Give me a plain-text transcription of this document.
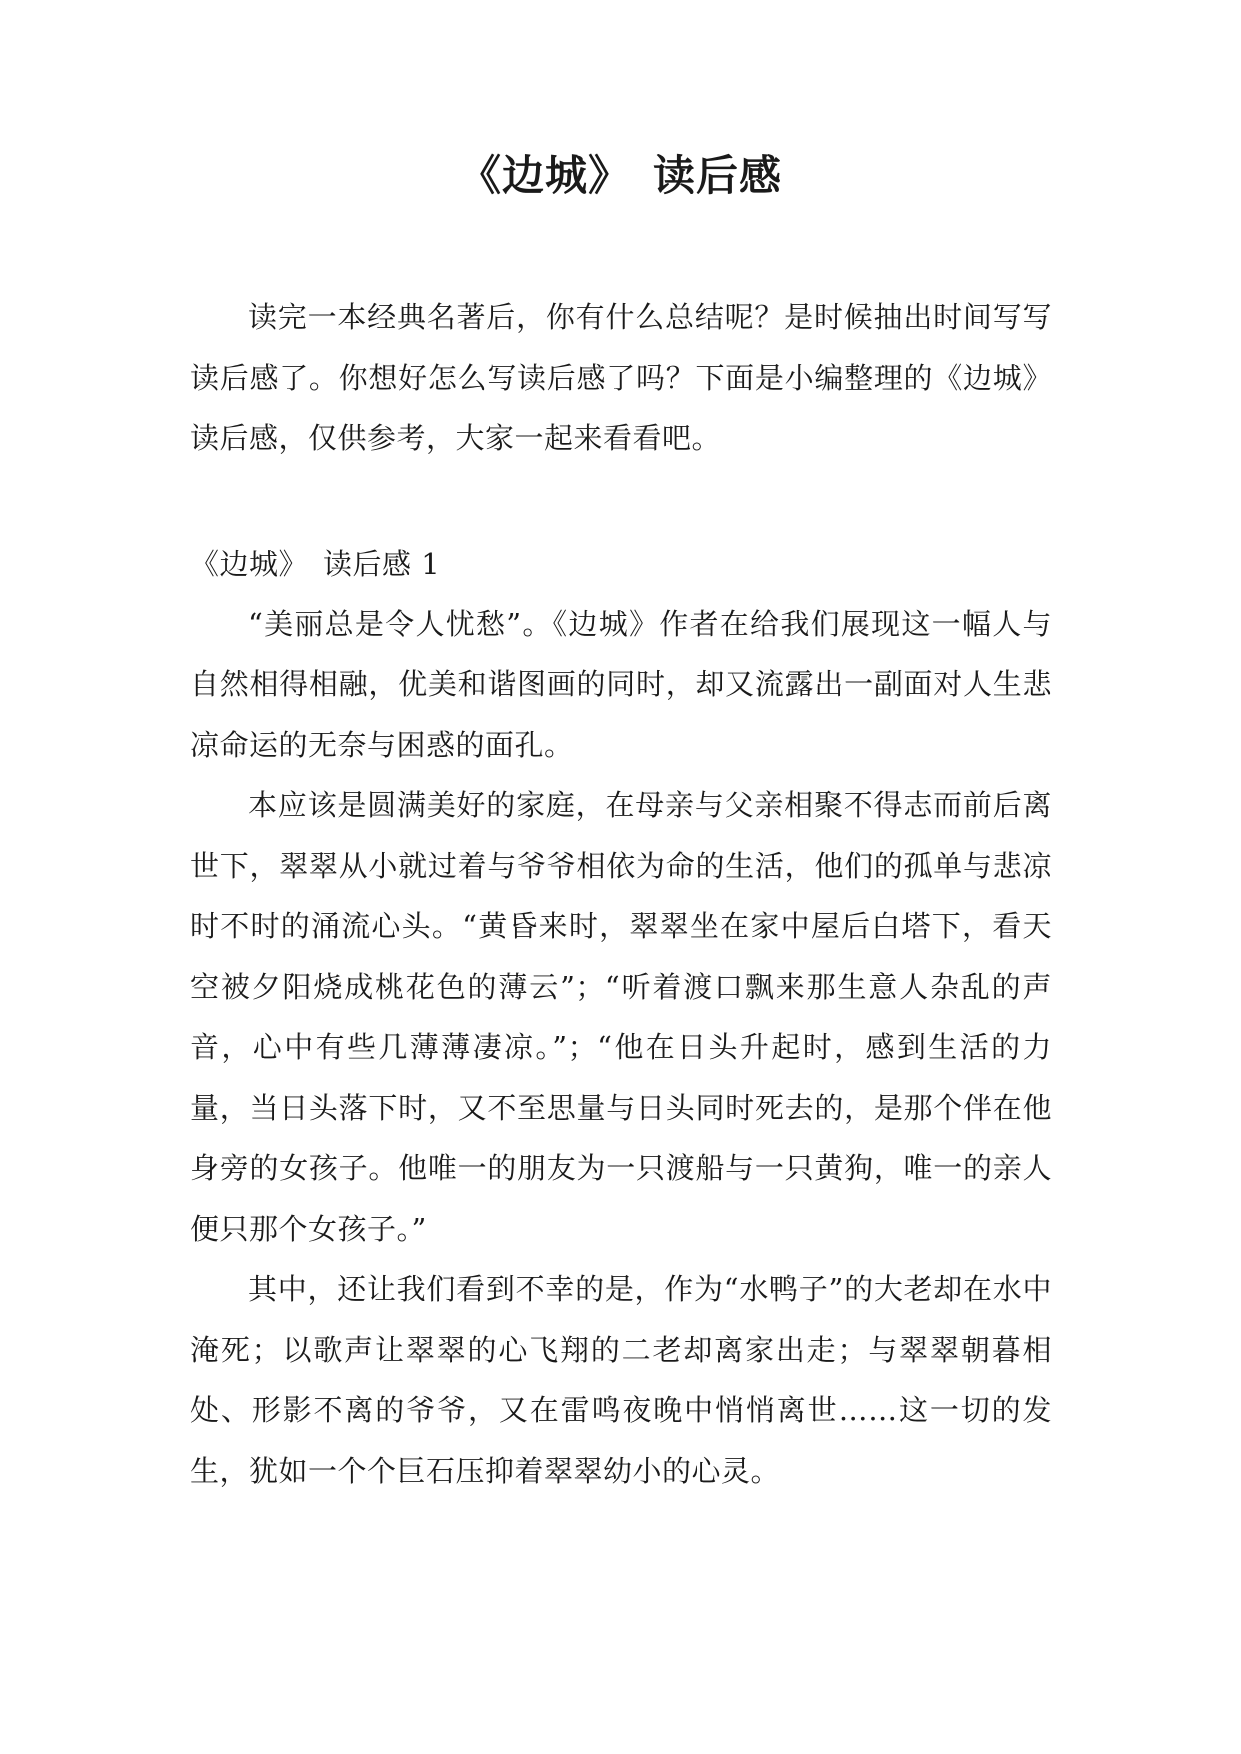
《边城》　读后感

读完一本经典名著后，你有什么总结呢？是时候抽出时间写写读后感了。你想好怎么写读后感了吗？下面是小编整理的《边城》 读后感，仅供参考，大家一起来看看吧。

《边城》　读后感 1

“美丽总是令人忧愁”。《边城》作者在给我们展现这一幅人与自然相得相融，优美和谐图画的同时，却又流露出一副面对人生悲凉命运的无奈与困惑的面孔。

本应该是圆满美好的家庭，在母亲与父亲相聚不得志而前后离世下，翠翠从小就过着与爷爷相依为命的生活，他们的孤单与悲凉时不时的涌流心头。“黄昏来时，翠翠坐在家中屋后白塔下，看天空被夕阳烧成桃花色的薄云”；“听着渡口飘来那生意人杂乱的声音，心中有些几薄薄凄凉。”；“他在日头升起时，感到生活的力量，当日头落下时，又不至思量与日头同时死去的，是那个伴在他身旁的女孩子。他唯一的朋友为一只渡船与一只黄狗，唯一的亲人便只那个女孩子。”

其中，还让我们看到不幸的是，作为“水鸭子”的大老却在水中淹死；以歌声让翠翠的心飞翔的二老却离家出走；与翠翠朝暮相处、形影不离的爷爷，又在雷鸣夜晚中悄悄离世……这一切的发生，犹如一个个巨石压抑着翠翠幼小的心灵。
